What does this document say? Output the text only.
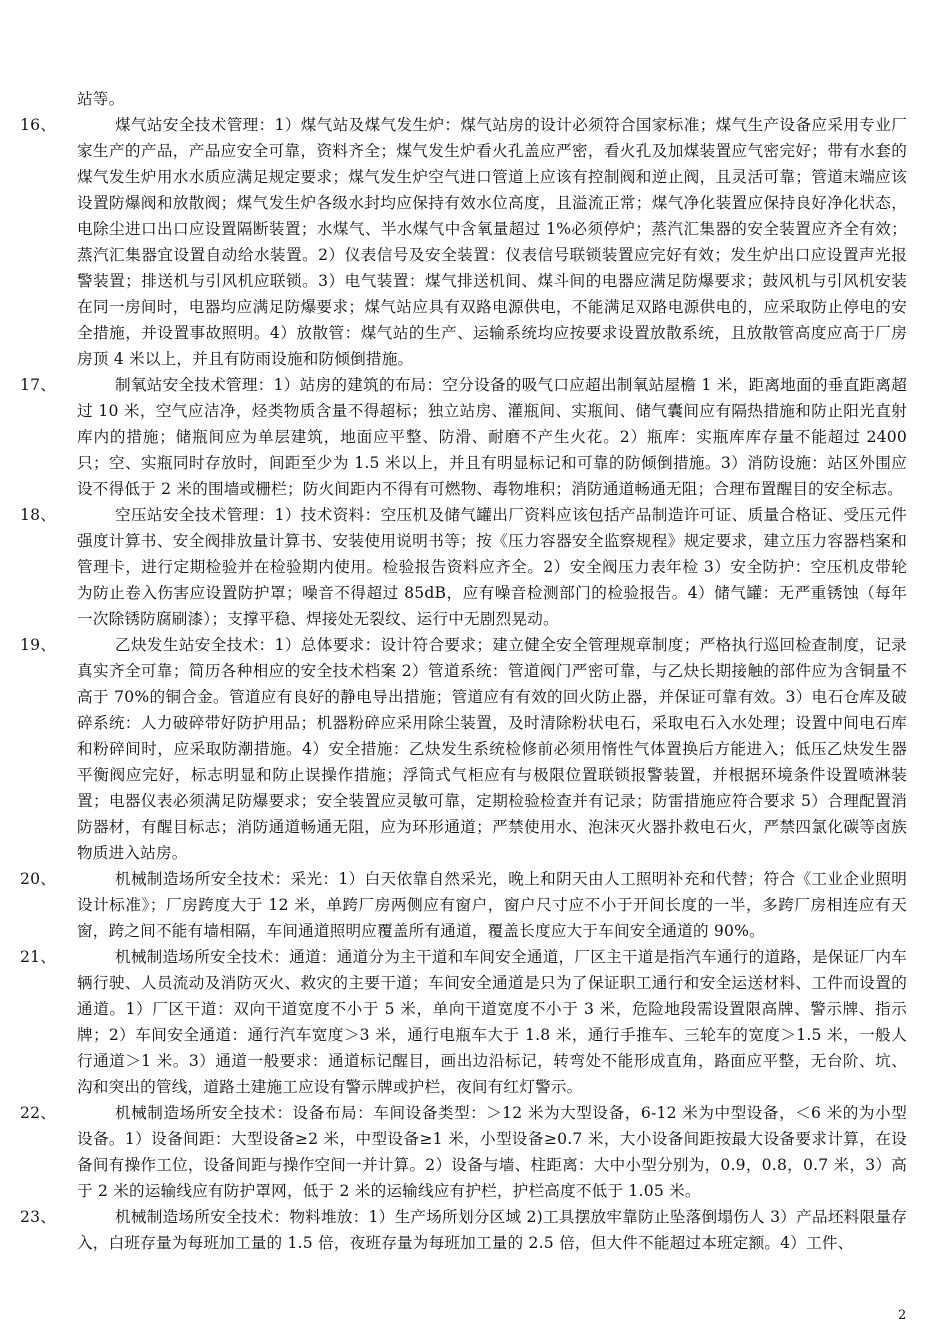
站等。

16、	煤气站安全技术管理：1）煤气站及煤气发生炉：煤气站房的设计必须符合国家标准；煤气生产设备应采用专业厂家生产的产品，产品应安全可靠，资料齐全；煤气发生炉看火孔盖应严密，看火孔及加煤装置应气密完好；带有水套的煤气发生炉用水水质应满足规定要求；煤气发生炉空气进口管道上应该有控制阀和逆止阀，且灵活可靠；管道末端应该设置防爆阀和放散阀；煤气发生炉各级水封均应保持有效水位高度，且溢流正常；煤气净化装置应保持良好净化状态，电除尘进口出口应设置隔断装置；水煤气、半水煤气中含氧量超过 1%必须停炉；蒸汽汇集器的安全装置应齐全有效；蒸汽汇集器宜设置自动给水装置。2）仪表信号及安全装置：仪表信号联锁装置应完好有效；发生炉出口应设置声光报警装置；排送机与引风机应联锁。3）电气装置：煤气排送机间、煤斗间的电器应满足防爆要求；鼓风机与引风机安装在同一房间时，电器均应满足防爆要求；煤气站应具有双路电源供电，不能满足双路电源供电的，应采取防止停电的安全措施，并设置事故照明。4）放散管：煤气站的生产、运输系统均应按要求设置放散系统，且放散管高度应高于厂房房顶 4 米以上，并且有防雨设施和防倾倒措施。

17、	制氧站安全技术管理：1）站房的建筑的布局：空分设备的吸气口应超出制氧站屋檐 1 米，距离地面的垂直距离超过 10 米，空气应洁净，烃类物质含量不得超标；独立站房、灌瓶间、实瓶间、储气囊间应有隔热措施和防止阳光直射库内的措施；储瓶间应为单层建筑，地面应平整、防滑、耐磨不产生火花。2）瓶库：实瓶库库存量不能超过 2400 只；空、实瓶同时存放时，间距至少为 1.5 米以上，并且有明显标记和可靠的防倾倒措施。3）消防设施：站区外围应设不得低于 2 米的围墙或栅栏；防火间距内不得有可燃物、毒物堆积；消防通道畅通无阻；合理布置醒目的安全标志。

18、	空压站安全技术管理：1）技术资料：空压机及储气罐出厂资料应该包括产品制造许可证、质量合格证、受压元件强度计算书、安全阀排放量计算书、安装使用说明书等；按《压力容器安全监察规程》规定要求，建立压力容器档案和管理卡，进行定期检验并在检验期内使用。检验报告资料应齐全。2）安全阀压力表年检 3）安全防护：空压机皮带轮为防止卷入伤害应设置防护罩；噪音不得超过 85dB，应有噪音检测部门的检验报告。4）储气罐：无严重锈蚀（每年一次除锈防腐刷漆）；支撑平稳、焊接处无裂纹、运行中无剧烈晃动。

19、	乙炔发生站安全技术：1）总体要求：设计符合要求；建立健全安全管理规章制度；严格执行巡回检查制度，记录真实齐全可靠；简历各种相应的安全技术档案 2）管道系统：管道阀门严密可靠，与乙炔长期接触的部件应为含铜量不高于 70%的铜合金。管道应有良好的静电导出措施；管道应有有效的回火防止器，并保证可靠有效。3）电石仓库及破碎系统：人力破碎带好防护用品；机器粉碎应采用除尘装置，及时清除粉状电石，采取电石入水处理；设置中间电石库和粉碎间时，应采取防潮措施。4）安全措施：乙炔发生系统检修前必须用惰性气体置换后方能进入；低压乙炔发生器平衡阀应完好，标志明显和防止误操作措施；浮筒式气柜应有与极限位置联锁报警装置，并根据环境条件设置喷淋装置；电器仪表必须满足防爆要求；安全装置应灵敏可靠，定期检验检查并有记录；防雷措施应符合要求 5）合理配置消防器材，有醒目标志；消防通道畅通无阻，应为环形通道；严禁使用水、泡沫灭火器扑救电石火，严禁四氯化碳等卤族物质进入站房。

20、	机械制造场所安全技术：采光：1）白天依靠自然采光，晚上和阴天由人工照明补充和代替；符合《工业企业照明设计标准》；厂房跨度大于 12 米，单跨厂房两侧应有窗户，窗户尺寸应不小于开间长度的一半，多跨厂房相连应有天窗，跨之间不能有墙相隔，车间通道照明应覆盖所有通道，覆盖长度应大于车间安全通道的 90%。

21、	机械制造场所安全技术：通道：通道分为主干道和车间安全通道，厂区主干道是指汽车通行的道路，是保证厂内车辆行驶、人员流动及消防灭火、救灾的主要干道；车间安全通道是只为了保证职工通行和安全运送材料、工件而设置的通道。1）厂区干道：双向干道宽度不小于 5 米，单向干道宽度不小于 3 米，危险地段需设置限高牌、警示牌、指示牌；2）车间安全通道：通行汽车宽度＞3 米，通行电瓶车大于 1.8 米，通行手推车、三轮车的宽度＞1.5 米，一般人行通道＞1 米。3）通道一般要求：通道标记醒目，画出边沿标记，转弯处不能形成直角，路面应平整，无台阶、坑、沟和突出的管线，道路土建施工应设有警示牌或护栏，夜间有红灯警示。

22、	机械制造场所安全技术：设备布局：车间设备类型：＞12 米为大型设备，6-12 米为中型设备，＜6 米的为小型设备。1）设备间距：大型设备≥2 米，中型设备≥1 米，小型设备≥0.7 米，大小设备间距按最大设备要求计算，在设备间有操作工位，设备间距与操作空间一并计算。2）设备与墙、柱距离：大中小型分别为，0.9，0.8，0.7 米，3）高于 2 米的运输线应有防护罩网，低于 2 米的运输线应有护栏，护栏高度不低于 1.05 米。

23、	机械制造场所安全技术：物料堆放：1）生产场所划分区域 2)工具摆放牢靠防止坠落倒塌伤人 3）产品坯料限量存入，白班存量为每班加工量的 1.5 倍，夜班存量为每班加工量的 2.5 倍，但大件不能超过本班定额。4）工件、

2
